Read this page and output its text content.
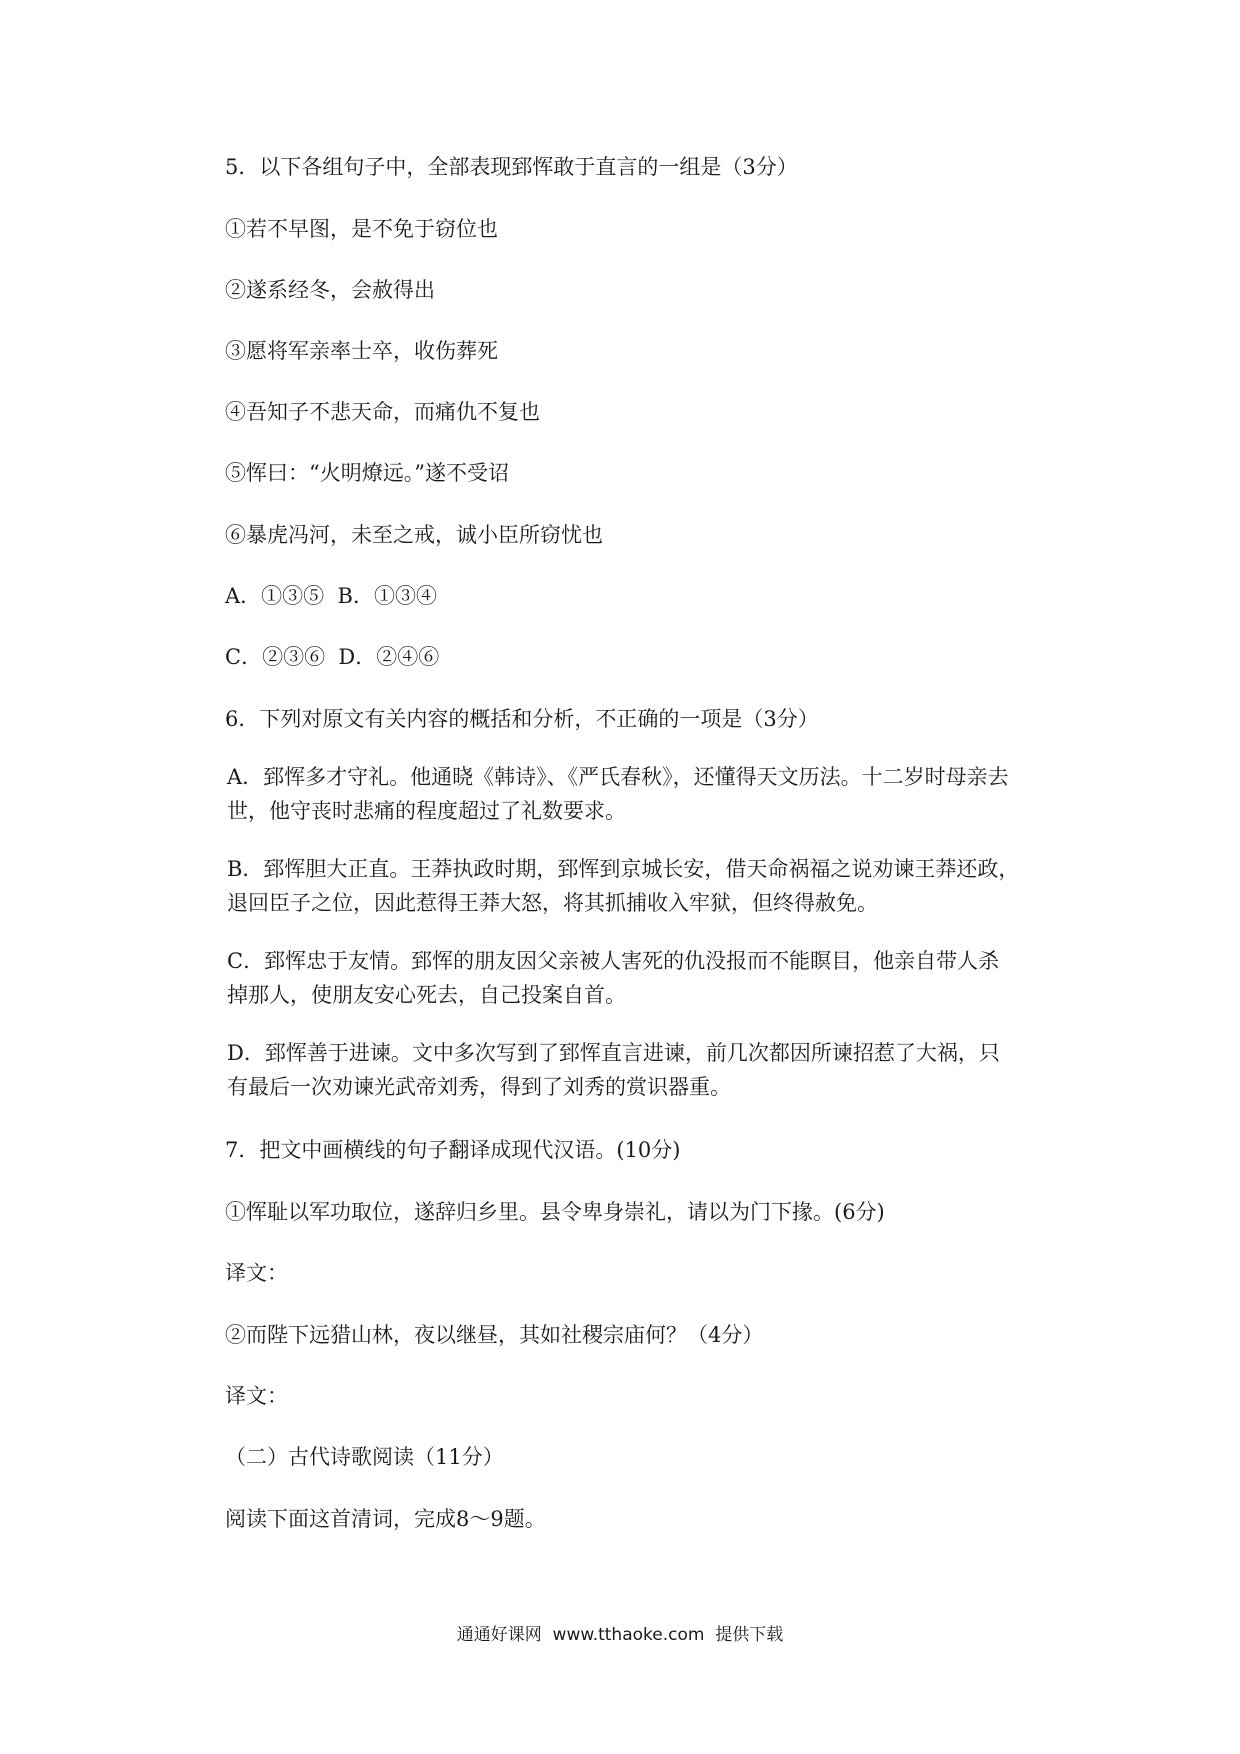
5．以下各组句子中，全部表现郅恽敢于直言的一组是（3分）
①若不早图，是不免于窃位也
②遂系经冬，会赦得出
③愿将军亲率士卒，收伤葬死
④吾知子不悲天命，而痛仇不复也
⑤恽曰：“火明燎远。”遂不受诏
⑥暴虎冯河，未至之戒，诚小臣所窃忧也
A．①③⑤  B．①③④
C．②③⑥  D．②④⑥
6．下列对原文有关内容的概括和分析，不正确的一项是（3分）
A．郅恽多才守礼。他通晓《韩诗》、《严氏春秋》，还懂得天文历法。十二岁时母亲去
世，他守丧时悲痛的程度超过了礼数要求。
B．郅恽胆大正直。王莽执政时期，郅恽到京城长安，借天命祸福之说劝谏王莽还政，
退回臣子之位，因此惹得王莽大怒，将其抓捕收入牢狱，但终得赦免。
C．郅恽忠于友情。郅恽的朋友因父亲被人害死的仇没报而不能瞑目，他亲自带人杀
掉那人，使朋友安心死去，自己投案自首。
D．郅恽善于进谏。文中多次写到了郅恽直言进谏，前几次都因所谏招惹了大祸，只
有最后一次劝谏光武帝刘秀，得到了刘秀的赏识器重。
7．把文中画横线的句子翻译成现代汉语。(10分)
①恽耻以军功取位，遂辞归乡里。县令卑身崇礼，请以为门下掾。(6分)
译文：
②而陛下远猎山林，夜以继昼，其如社稷宗庙何？（4分）
译文：
（二）古代诗歌阅读（11分）
阅读下面这首清词，完成8～9题。
通通好课网  www.tthaoke.com  提供下载
